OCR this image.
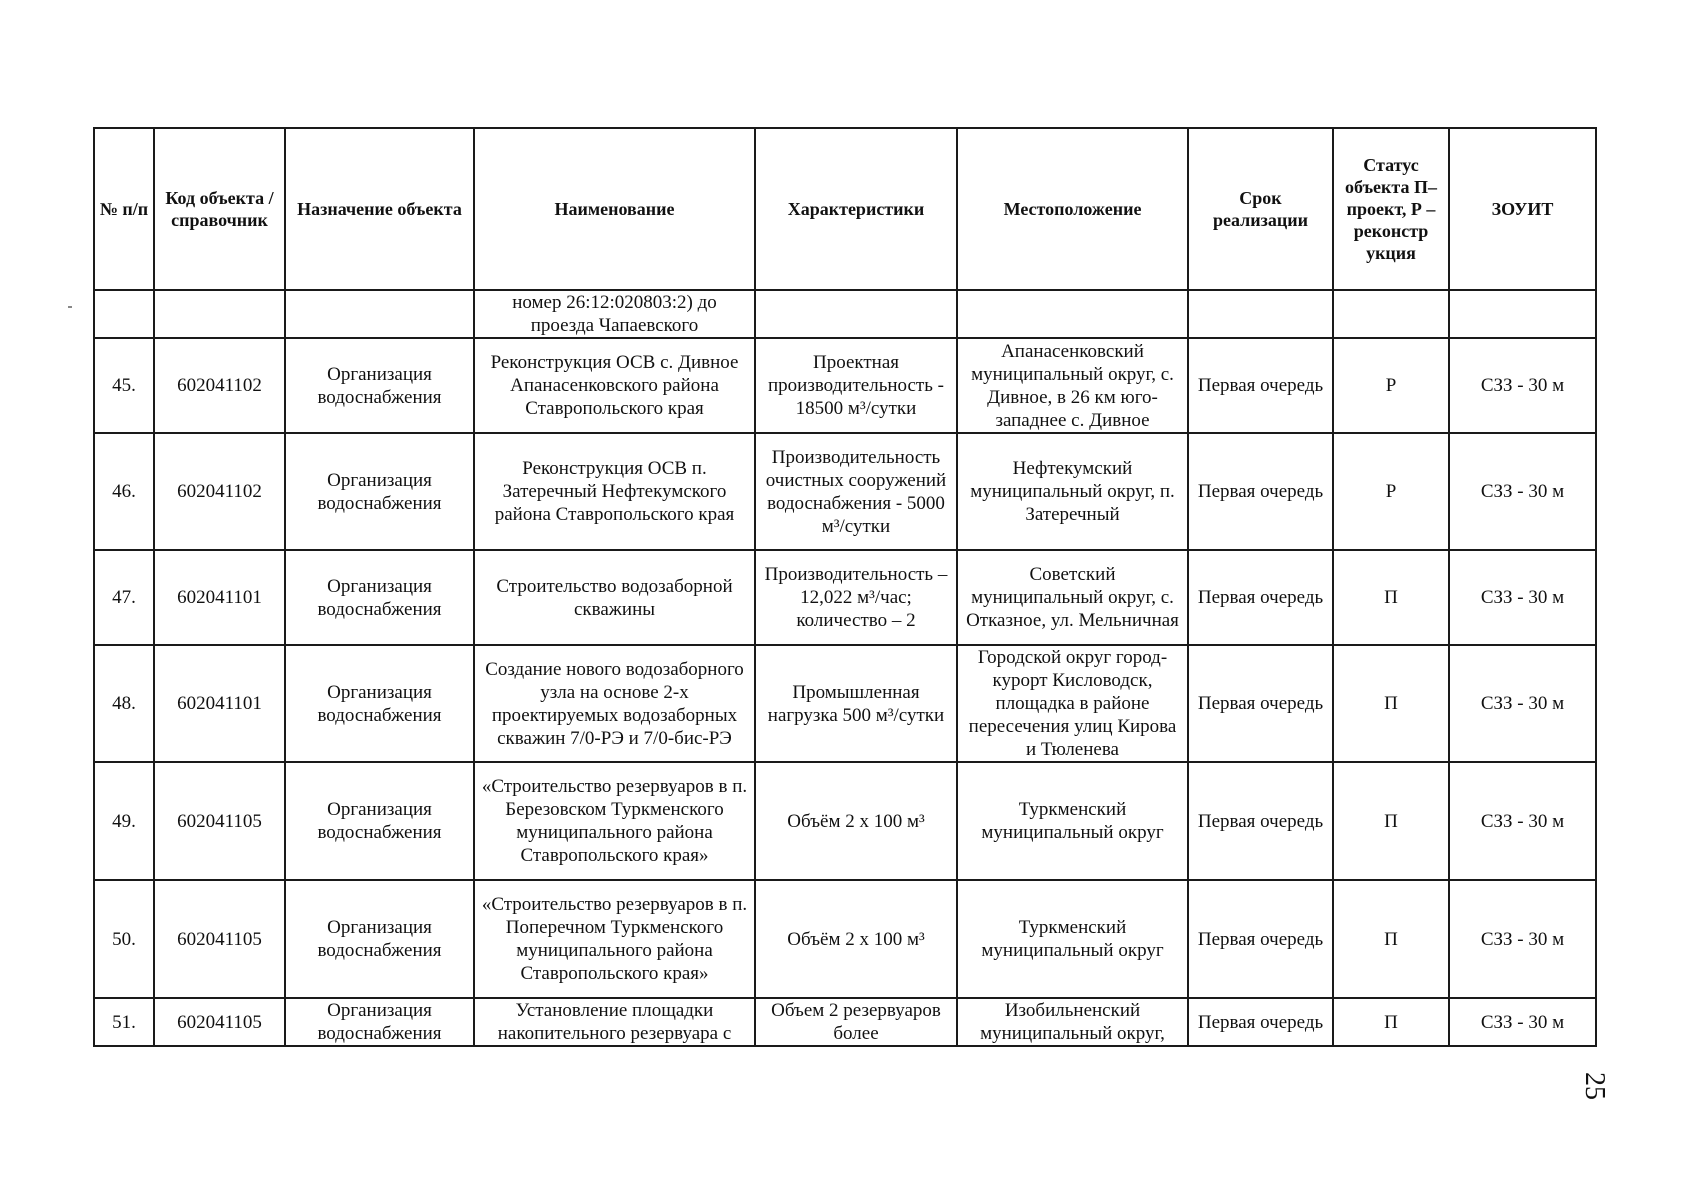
№ п/п	Код объекта / справочник	Назначение объекта	Наименование	Характеристики	Местоположение	Срок реализации	Статус объекта П– проект, Р – реконстр укция	ЗОУИТ
			номер 26:12:020803:2) до проезда Чапаевского					
45.	602041102	Организация водоснабжения	Реконструкция ОСВ с. Дивное Апанасенковского района Ставропольского края	Проектная производительность - 18500 м³/сутки	Апанасенковский муниципальный округ, с. Дивное, в 26 км юго-западнее с. Дивное	Первая очередь	Р	СЗЗ - 30 м
46.	602041102	Организация водоснабжения	Реконструкция ОСВ п. Затеречный Нефтекумского района Ставропольского края	Производительность очистных сооружений водоснабжения - 5000 м³/сутки	Нефтекумский муниципальный округ, п. Затеречный	Первая очередь	Р	СЗЗ - 30 м
47.	602041101	Организация водоснабжения	Строительство водозаборной скважины	Производительность – 12,022 м³/час; количество – 2	Советский муниципальный округ, с. Отказное, ул. Мельничная	Первая очередь	П	СЗЗ - 30 м
48.	602041101	Организация водоснабжения	Создание нового водозаборного узла на основе 2-х проектируемых водозаборных скважин 7/0-РЭ и 7/0-бис-РЭ	Промышленная нагрузка 500 м³/сутки	Городской округ город-курорт Кисловодск, площадка в районе пересечения улиц Кирова и Тюленева	Первая очередь	П	СЗЗ - 30 м
49.	602041105	Организация водоснабжения	«Строительство резервуаров в п. Березовском Туркменского муниципального района Ставропольского края»	Объём 2 х 100 м³	Туркменский муниципальный округ	Первая очередь	П	СЗЗ - 30 м
50.	602041105	Организация водоснабжения	«Строительство резервуаров в п. Поперечном Туркменского муниципального района Ставропольского края»	Объём 2 х 100 м³	Туркменский муниципальный округ	Первая очередь	П	СЗЗ - 30 м
51.	602041105	Организация водоснабжения	Установление площадки накопительного резервуара с	Объем 2 резервуаров более	Изобильненский муниципальный округ,	Первая очередь	П	СЗЗ - 30 м
25
